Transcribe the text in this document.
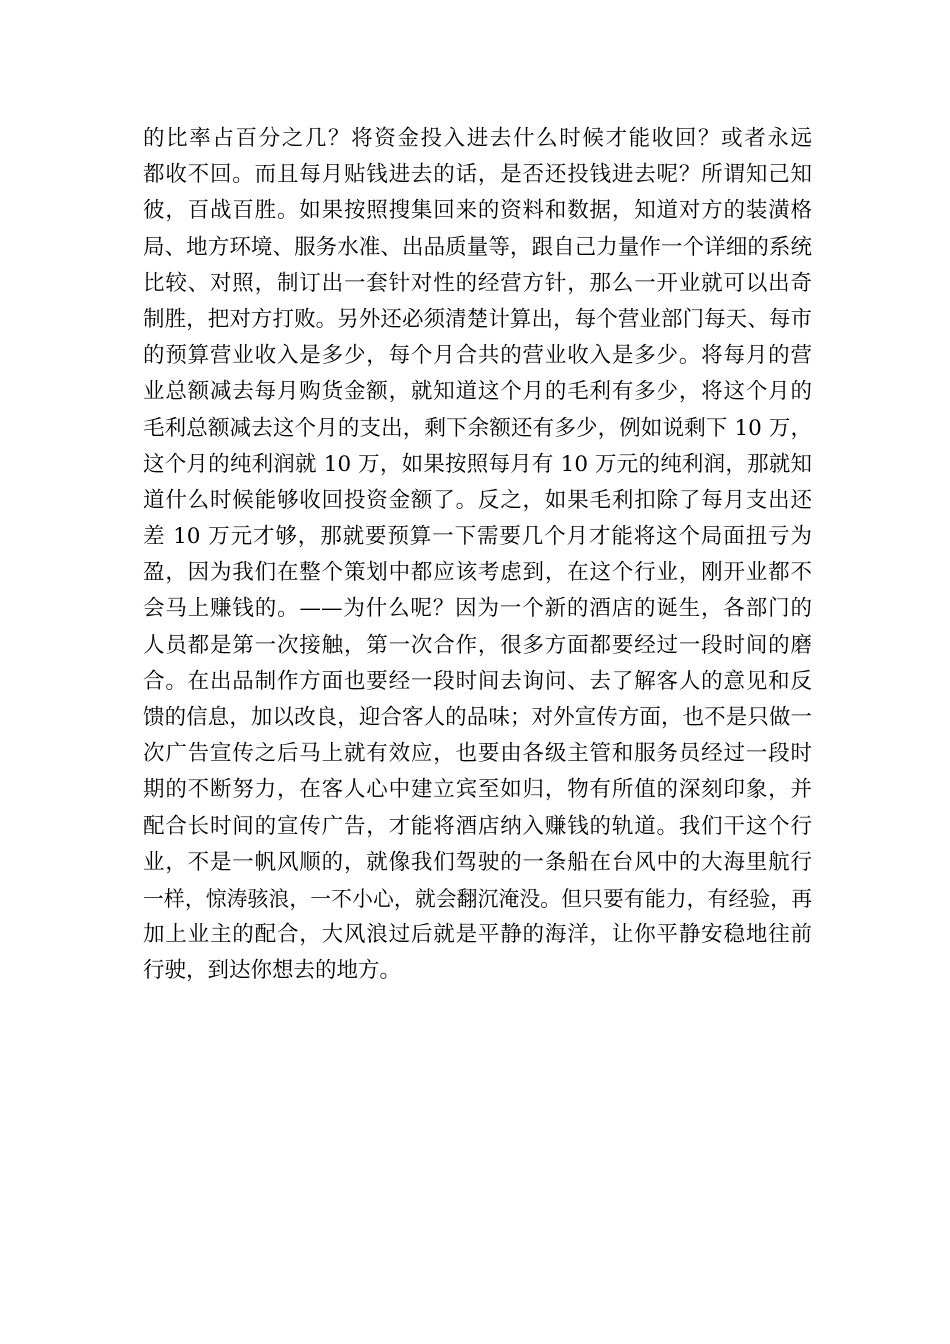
的比率占百分之几？将资金投入进去什么时候才能收回？或者永远
都收不回。而且每月贴钱进去的话，是否还投钱进去呢？所谓知己知
彼，百战百胜。如果按照搜集回来的资料和数据，知道对方的装潢格
局、地方环境、服务水准、出品质量等，跟自己力量作一个详细的系统
比较、对照，制订出一套针对性的经营方针，那么一开业就可以出奇
制胜，把对方打败。另外还必须清楚计算出，每个营业部门每天、每市
的预算营业收入是多少，每个月合共的营业收入是多少。将每月的营
业总额减去每月购货金额，就知道这个月的毛利有多少，将这个月的
毛利总额减去这个月的支出，剩下余额还有多少，例如说剩下 10 万，
这个月的纯利润就 10 万，如果按照每月有 10 万元的纯利润，那就知
道什么时候能够收回投资金额了。反之，如果毛利扣除了每月支出还
差 10 万元才够，那就要预算一下需要几个月才能将这个局面扭亏为
盈，因为我们在整个策划中都应该考虑到，在这个行业，刚开业都不
会马上赚钱的。——为什么呢？因为一个新的酒店的诞生，各部门的
人员都是第一次接触，第一次合作，很多方面都要经过一段时间的磨
合。在出品制作方面也要经一段时间去询问、去了解客人的意见和反
馈的信息，加以改良，迎合客人的品味；对外宣传方面，也不是只做一
次广告宣传之后马上就有效应，也要由各级主管和服务员经过一段时
期的不断努力，在客人心中建立宾至如归，物有所值的深刻印象，并
配合长时间的宣传广告，才能将酒店纳入赚钱的轨道。我们干这个行
业，不是一帆风顺的，就像我们驾驶的一条船在台风中的大海里航行
一样，惊涛骇浪，一不小心，就会翻沉淹没。但只要有能力，有经验，再
加上业主的配合，大风浪过后就是平静的海洋，让你平静安稳地往前
行驶，到达你想去的地方。
